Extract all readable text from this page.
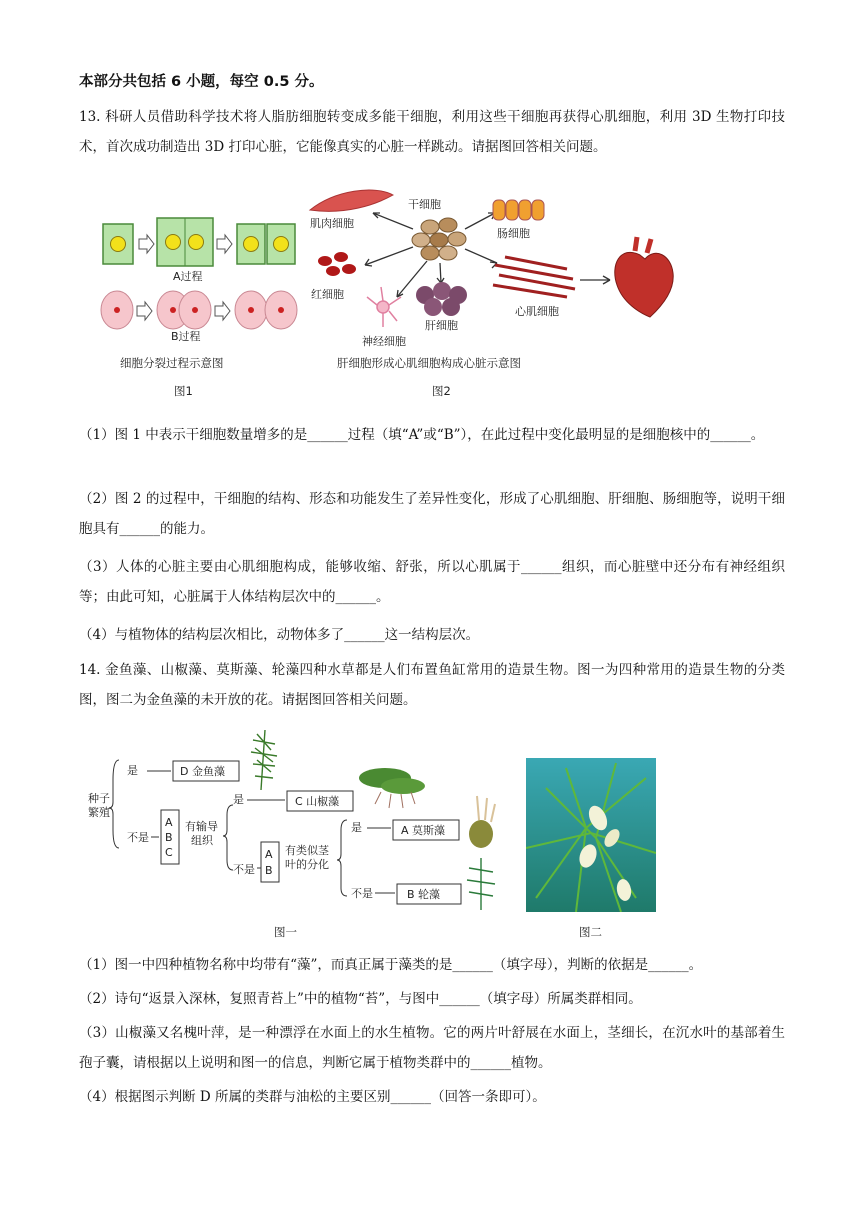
本部分共包括 6 小题，每空 0.5 分。
13. 科研人员借助科学技术将人脂肪细胞转变成多能干细胞，利用这些干细胞再获得心肌细胞，利用 3D 生物打印技术，首次成功制造出 3D 打印心脏，它能像真实的心脏一样跳动。请据图回答相关问题。
A过程
B过程
细胞分裂过程示意图
图1
肌肉细胞
干细胞
肠细胞
红细胞
神经细胞
肝细胞
心肌细胞
肝细胞形成心肌细胞构成心脏示意图
图2
（1）图 1 中表示干细胞数量增多的是______过程（填“A”或“B”），在此过程中变化最明显的是细胞核中的______。
（2）图 2 的过程中，干细胞的结构、形态和功能发生了差异性变化，形成了心肌细胞、肝细胞、肠细胞等，说明干细胞具有______的能力。
（3）人体的心脏主要由心肌细胞构成，能够收缩、舒张，所以心肌属于______组织，而心脏壁中还分布有神经组织等；由此可知，心脏属于人体结构层次中的______。
（4）与植物体的结构层次相比，动物体多了______这一结构层次。
14. 金鱼藻、山椒藻、莫斯藻、轮藻四种水草都是人们布置鱼缸常用的造景生物。图一为四种常用的造景生物的分类图，图二为金鱼藻的未开放的花。请据图回答相关问题。
种子
繁殖
是	D 金鱼藻
不是
A
B
C
有输导
组织
是	C 山椒藻
不是
A
B
有类似茎
叶的分化
是	A 莫斯藻
不是	B 轮藻
图一	图二
（1）图一中四种植物名称中均带有“藻”，而真正属于藻类的是______（填字母），判断的依据是______。
（2）诗句“返景入深林，复照青苔上”中的植物“苔”，与图中______（填字母）所属类群相同。
（3）山椒藻又名槐叶萍，是一种漂浮在水面上的水生植物。它的两片叶舒展在水面上，茎细长，在沉水叶的基部着生孢子囊，请根据以上说明和图一的信息，判断它属于植物类群中的______植物。
（4）根据图示判断 D 所属的类群与油松的主要区别______（回答一条即可）。
